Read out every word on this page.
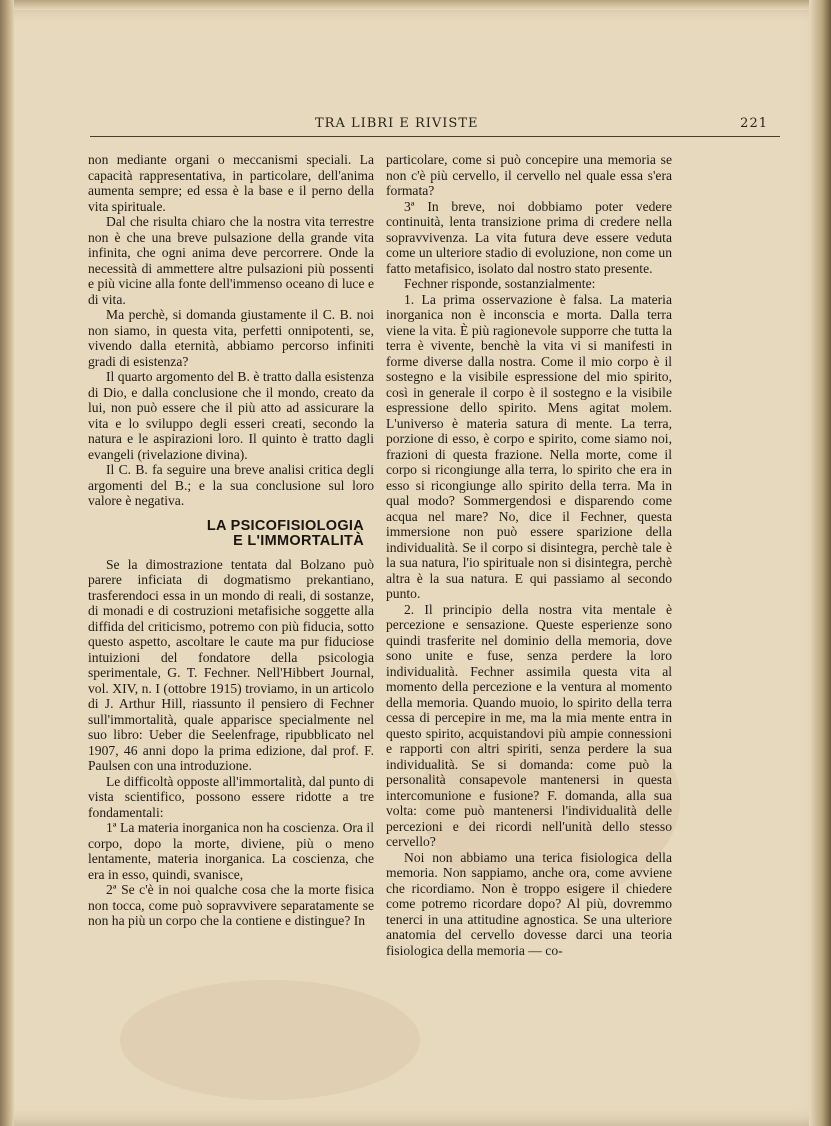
TRA LIBRI E RIVISTE	221

non mediante organi o meccanismi speciali. La capacità rappresentativa, in particolare, dell'anima aumenta sempre; ed essa è la base e il perno della vita spirituale.

Dal che risulta chiaro che la nostra vita terrestre non è che una breve pulsazione della grande vita infinita, che ogni anima deve percorrere. Onde la necessità di ammettere altre pulsazioni più possenti e più vicine alla fonte dell'immenso oceano di luce e di vita.

Ma perchè, si domanda giustamente il C. B. noi non siamo, in questa vita, perfetti onnipotenti, se, vivendo dalla eternità, abbiamo percorso infiniti gradi di esistenza?

Il quarto argomento del B. è tratto dalla esistenza di Dio, e dalla conclusione che il mondo, creato da lui, non può essere che il più atto ad assicurare la vita e lo sviluppo degli esseri creati, secondo la natura e le aspirazioni loro. Il quinto è tratto dagli evangeli (rivelazione divina).

Il C. B. fa seguire una breve analisi critica degli argomenti del B.; e la sua conclusione sul loro valore è negativa.

LA PSICOFISIOLOGIA
E L'IMMORTALITÀ

Se la dimostrazione tentata dal Bolzano può parere inficiata di dogmatismo prekantiano, trasferendoci essa in un mondo di reali, di sostanze, di monadi e di costruzioni metafisiche soggette alla diffida del criticismo, potremo con più fiducia, sotto questo aspetto, ascoltare le caute ma pur fiduciose intuizioni del fondatore della psicologia sperimentale, G. T. Fechner. Nell'Hibbert Journal, vol. XIV, n. I (ottobre 1915) troviamo, in un articolo di J. Arthur Hill, riassunto il pensiero di Fechner sull'immortalità, quale apparisce specialmente nel suo libro: Ueber die Seelenfrage, ripubblicato nel 1907, 46 anni dopo la prima edizione, dal prof. F. Paulsen con una introduzione.

Le difficoltà opposte all'immortalità, dal punto di vista scientifico, possono essere ridotte a tre fondamentali:

1ª La materia inorganica non ha coscienza. Ora il corpo, dopo la morte, diviene, più o meno lentamente, materia inorganica. La coscienza, che era in esso, quindi, svanisce,

2ª Se c'è in noi qualche cosa che la morte fisica non tocca, come può sopravvivere separatamente se non ha più un corpo che la contiene e distingue? In

particolare, come si può concepire una memoria se non c'è più cervello, il cervello nel quale essa s'era formata?

3ª In breve, noi dobbiamo poter vedere continuità, lenta transizione prima di credere nella sopravvivenza. La vita futura deve essere veduta come un ulteriore stadio di evoluzione, non come un fatto metafisico, isolato dal nostro stato presente.

Fechner risponde, sostanzialmente:

1. La prima osservazione è falsa. La materia inorganica non è inconscia e morta. Dalla terra viene la vita. È più ragionevole supporre che tutta la terra è vivente, benchè la vita vi si manifesti in forme diverse dalla nostra. Come il mio corpo è il sostegno e la visibile espressione del mio spirito, così in generale il corpo è il sostegno e la visibile espressione dello spirito. Mens agitat molem. L'universo è materia satura di mente. La terra, porzione di esso, è corpo e spirito, come siamo noi, frazioni di questa frazione. Nella morte, come il corpo si ricongiunge alla terra, lo spirito che era in esso si ricongiunge allo spirito della terra. Ma in qual modo? Sommergendosi e disparendo come acqua nel mare? No, dice il Fechner, questa immersione non può essere sparizione della individualità. Se il corpo si disintegra, perchè tale è la sua natura, l'io spirituale non si disintegra, perchè altra è la sua natura. E qui passiamo al secondo punto.

2. Il principio della nostra vita mentale è percezione e sensazione. Queste esperienze sono quindi trasferite nel dominio della memoria, dove sono unite e fuse, senza perdere la loro individualità. Fechner assimila questa vita al momento della percezione e la ventura al momento della memoria. Quando muoio, lo spirito della terra cessa di percepire in me, ma la mia mente entra in questo spirito, acquistandovi più ampie connessioni e rapporti con altri spiriti, senza perdere la sua individualità. Se si domanda: come può la personalità consapevole mantenersi in questa intercomunione e fusione? F. domanda, alla sua volta: come può mantenersi l'individualità delle percezioni e dei ricordi nell'unità dello stesso cervello?

Noi non abbiamo una terica fisiologica della memoria. Non sappiamo, anche ora, come avviene che ricordiamo. Non è troppo esigere il chiedere come potremo ricordare dopo? Al più, dovremmo tenerci in una attitudine agnostica. Se una ulteriore anatomia del cervello dovesse darci una teoria fisiologica della memoria — co-
